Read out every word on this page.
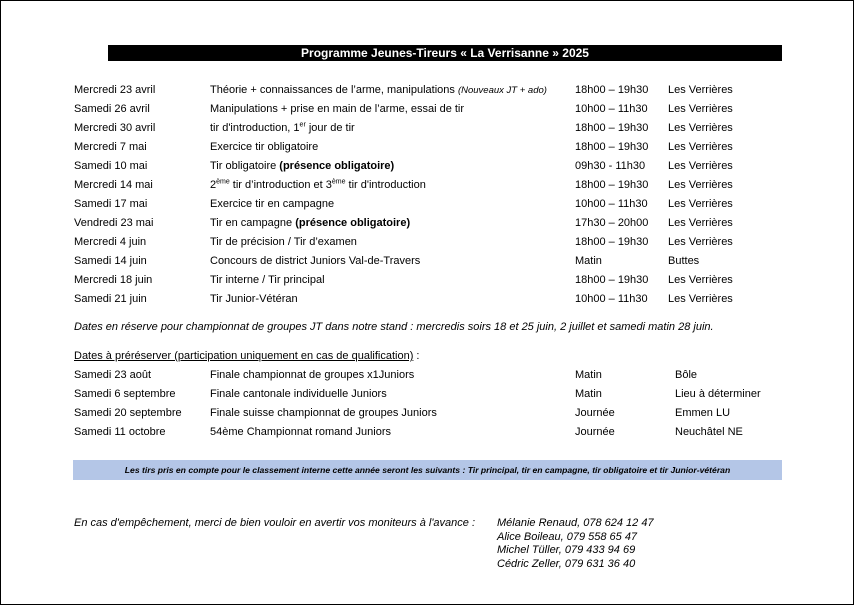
Programme Jeunes-Tireurs « La Verrisanne » 2025
Mercredi 23 avril	Théorie + connaissances de l’arme, manipulations (Nouveaux JT + ado)	18h00 – 19h30 Les Verrières
Samedi 26 avril	Manipulations + prise en main de l’arme, essai de tir	10h00 – 11h30 Les Verrières
Mercredi 30 avril	tir d'introduction, 1er jour de tir	18h00 – 19h30 Les Verrières
Mercredi 7 mai	Exercice tir obligatoire	18h00 – 19h30 Les Verrières
Samedi 10 mai	Tir obligatoire (présence obligatoire)	09h30 - 11h30 Les Verrières
Mercredi 14 mai	2ème tir d’introduction et 3ème tir d'introduction	18h00 – 19h30 Les Verrières
Samedi 17 mai	Exercice tir en campagne	10h00 – 11h30 Les Verrières
Vendredi 23 mai	Tir en campagne (présence obligatoire)	17h30 – 20h00 Les Verrières
Mercredi 4 juin	Tir de précision / Tir d’examen	18h00 – 19h30 Les Verrières
Samedi 14 juin	Concours de district Juniors Val-de-Travers	Matin	Buttes
Mercredi 18 juin	Tir interne / Tir principal	18h00 – 19h30 Les Verrières
Samedi 21 juin	Tir Junior-Vétéran	10h00 – 11h30 Les Verrières
Dates en réserve pour championnat de groupes JT dans notre stand : mercredis soirs 18 et 25 juin, 2 juillet et samedi matin 28 juin.
Dates à préréserver (participation uniquement en cas de qualification) :
Samedi 23 août	Finale championnat de groupes x1Juniors	Matin	Bôle
Samedi 6 septembre	Finale cantonale individuelle Juniors	Matin	Lieu à déterminer
Samedi 20 septembre	Finale suisse championnat de groupes Juniors	Journée	Emmen LU
Samedi 11 octobre	54ème Championnat romand Juniors	Journée	Neuchâtel NE
Les tirs pris en compte pour le classement interne cette année seront les suivants : Tir principal, tir en campagne, tir obligatoire et tir Junior-vétéran
En cas d'empêchement, merci de bien vouloir en avertir vos moniteurs à l'avance : Mélanie Renaud, 078 624 12 47
Alice Boileau, 079 558 65 47
Michel Tüller, 079 433 94 69
Cédric Zeller, 079 631 36 40
